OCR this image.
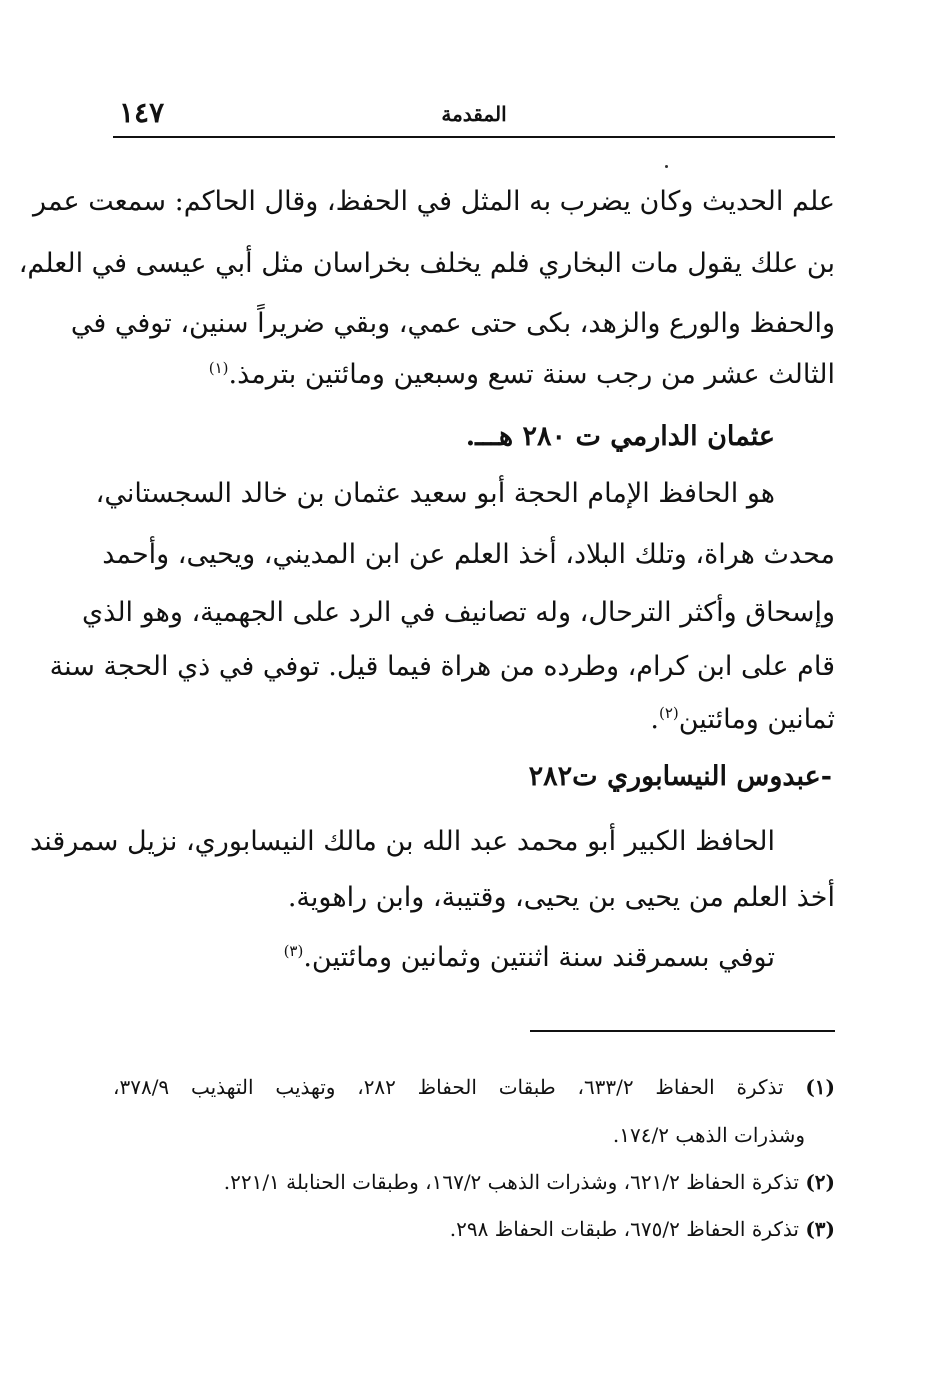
المقدمة
١٤٧
علم الحديث وكان يضرب به المثل في الحفظ، وقال الحاكم: سمعت عمر
بن علك يقول مات البخاري فلم يخلف بخراسان مثل أبي عيسى في العلم،
والحفظ والورع والزهد، بكى حتى عمي، وبقي ضريراً سنين، توفي في
الثالث عشر من رجب سنة تسع وسبعين ومائتين بترمذ.$^{(١)}$
عثمان الدارمي ت ٢٨٠ هـــ.
هو الحافظ الإمام الحجة أبو سعيد عثمان بن خالد السجستاني،
محدث هراة، وتلك البلاد، أخذ العلم عن ابن المديني، ويحيى، وأحمد
وإسحاق وأكثر الترحال، وله تصانيف في الرد على الجهمية، وهو الذي
قام على ابن كرام، وطرده من هراة فيما قيل. توفي في ذي الحجة سنة
ثمانين ومائتين$^{(٢)}$.
-عبدوس النيسابوري ت٢٨٢
الحافظ الكبير أبو محمد عبد الله بن مالك النيسابوري، نزيل سمرقند
أخذ العلم من يحيى بن يحيى، وقتيبة، وابن راهوية.
توفي بسمرقند سنة اثنتين وثمانين ومائتين.$^{(٣)}$
(١) تذكرة الحفاظ ٦٣٣/٢، طبقات الحفاظ ٢٨٢، وتهذيب التهذيب ٣٧٨/٩،
وشذرات الذهب ١٧٤/٢.
(٢) تذكرة الحفاظ ٦٢١/٢، وشذرات الذهب ١٦٧/٢، وطبقات الحنابلة ٢٢١/١.
(٣) تذكرة الحفاظ ٦٧٥/٢، طبقات الحفاظ ٢٩٨.
